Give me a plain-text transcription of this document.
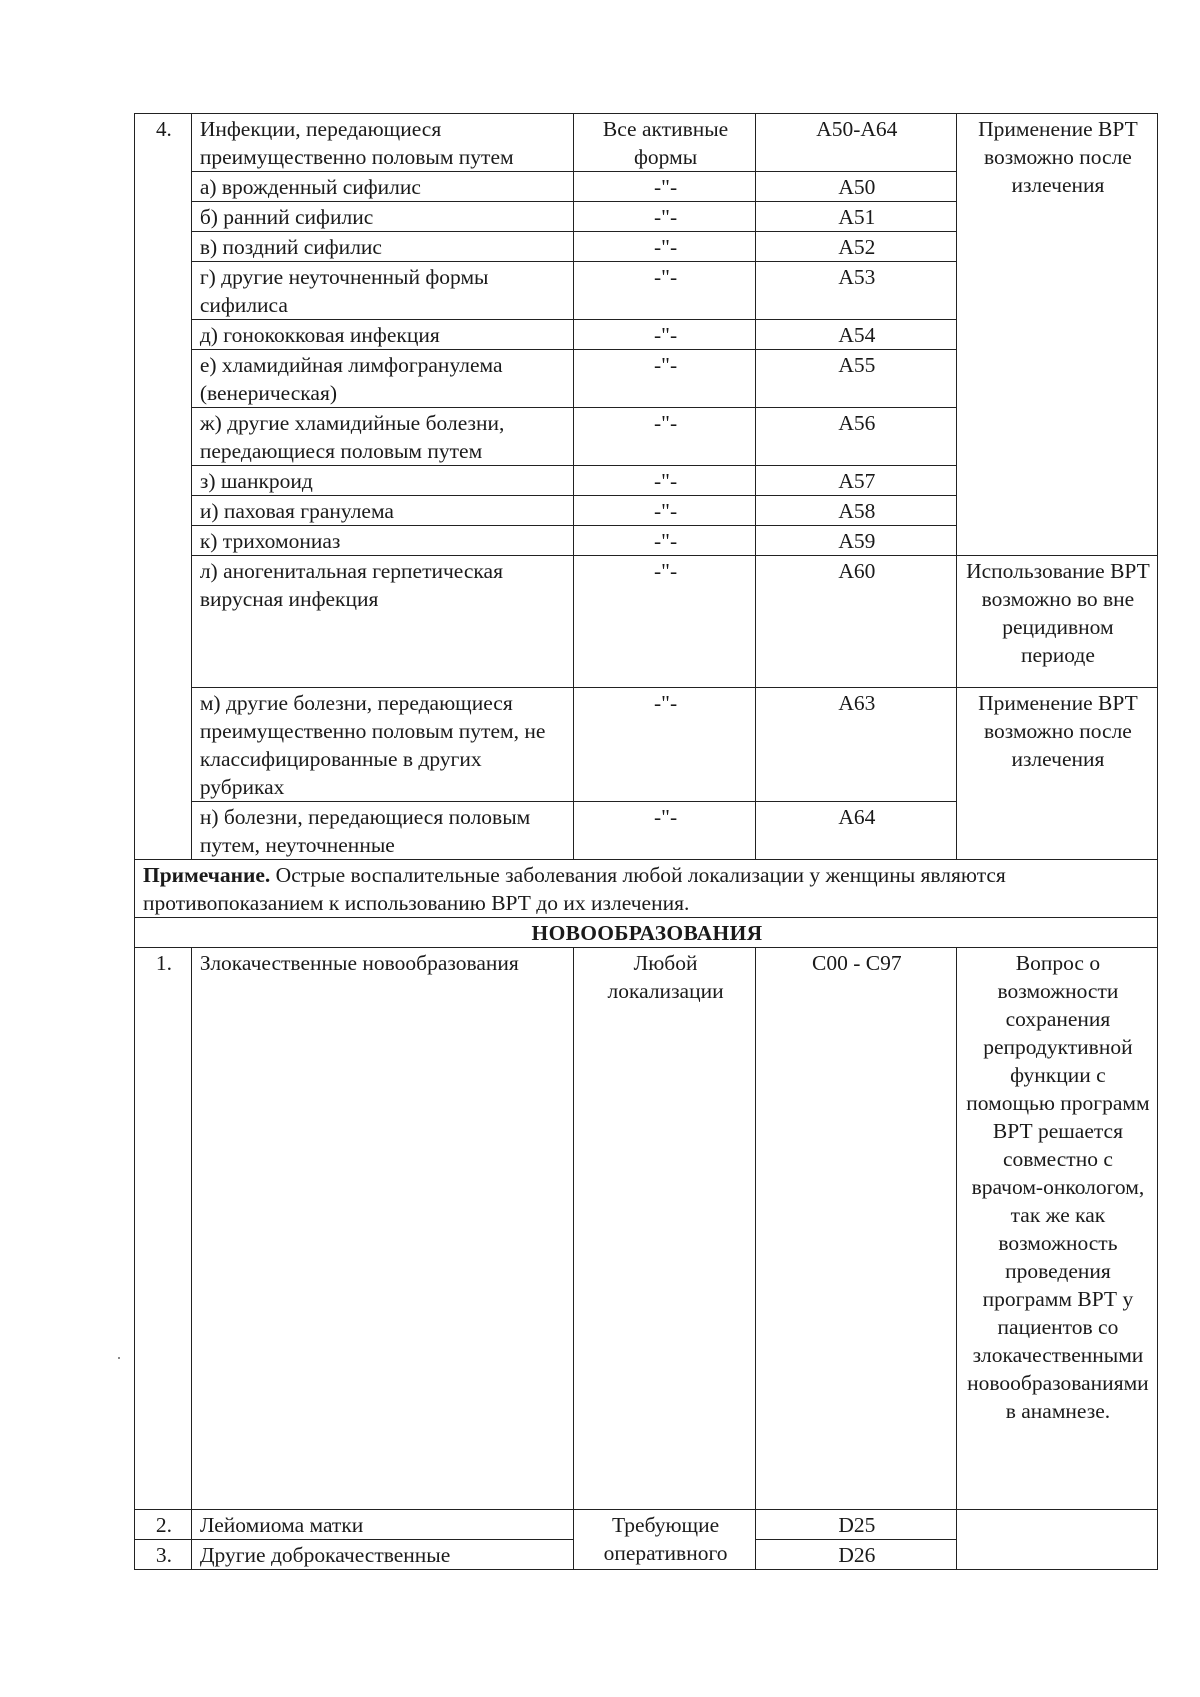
4.	Инфекции, передающиеся преимущественно половым путем	Все активные формы	А50-А64	Применение ВРТ возможно после излечения
	а) врожденный сифилис	-"-	А50	
	б) ранний сифилис	-"-	А51	
	в) поздний сифилис	-"-	А52	
	г) другие неуточненный формы сифилиса	-"-	А53	
	д) гонококковая инфекция	-"-	А54	
	е) хламидийная лимфогранулема (венерическая)	-"-	А55	
	ж) другие хламидийные болезни, передающиеся половым путем	-"-	А56	
	з) шанкроид	-"-	А57	
	и) паховая гранулема	-"-	А58	
	к) трихомониаз	-"-	А59	
	л) аногенитальная герпетическая вирусная инфекция	-"-	А60	Использование ВРТ возможно во вне рецидивном периоде
	м) другие болезни, передающиеся преимущественно половым путем, не классифицированные в других рубриках	-"-	А63	Применение ВРТ возможно после излечения
	н) болезни, передающиеся половым путем, неуточненные	-"-	А64	
Примечание. Острые воспалительные заболевания любой локализации у женщины являются противопоказанием к использованию ВРТ до их излечения.				
НОВООБРАЗОВАНИЯ				
1.	Злокачественные новообразования	Любой локализации	С00 - С97	Вопрос о возможности сохранения репродуктивной функции с помощью программ ВРТ решается совместно с врачом-онкологом, так же как возможность проведения программ ВРТ у пациентов со злокачественными новообразованиями в анамнезе.
2.	Лейомиома матки	Требующие оперативного	D25	
3.	Другие доброкачественные		D26	
